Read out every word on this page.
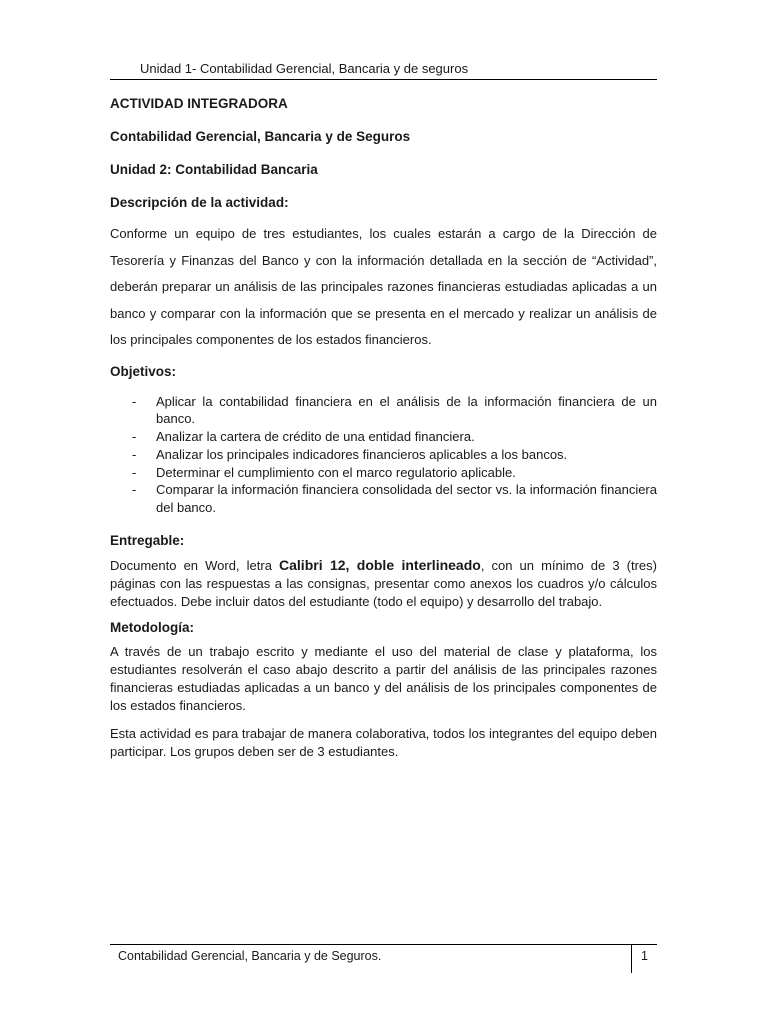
Unidad 1- Contabilidad Gerencial, Bancaria y de seguros

ACTIVIDAD INTEGRADORA

Contabilidad Gerencial, Bancaria y de Seguros

Unidad 2: Contabilidad Bancaria

Descripción de la actividad:

Conforme un equipo de tres estudiantes, los cuales estarán a cargo de la Dirección de Tesorería y Finanzas del Banco y con la información detallada en la sección de “Actividad”, deberán preparar un análisis de las principales razones financieras estudiadas aplicadas a un banco y comparar con la información que se presenta en el mercado y realizar un análisis de los principales componentes de los estados financieros.

Objetivos:

- Aplicar la contabilidad financiera en el análisis de la información financiera de un banco.
- Analizar la cartera de crédito de una entidad financiera.
- Analizar los principales indicadores financieros aplicables a los bancos.
- Determinar el cumplimiento con el marco regulatorio aplicable.
- Comparar la información financiera consolidada del sector vs. la información financiera del banco.

Entregable:

Documento en Word, letra Calibri 12, doble interlineado, con un mínimo de 3 (tres) páginas con las respuestas a las consignas, presentar como anexos los cuadros y/o cálculos efectuados. Debe incluir datos del estudiante (todo el equipo) y desarrollo del trabajo.

Metodología:

A través de un trabajo escrito y mediante el uso del material de clase y plataforma, los estudiantes resolverán el caso abajo descrito a partir del análisis de las principales razones financieras estudiadas aplicadas a un banco y del análisis de los principales componentes de los estados financieros.

Esta actividad es para trabajar de manera colaborativa, todos los integrantes del equipo deben participar. Los grupos deben ser de 3 estudiantes.

Contabilidad Gerencial, Bancaria y de Seguros.	1
